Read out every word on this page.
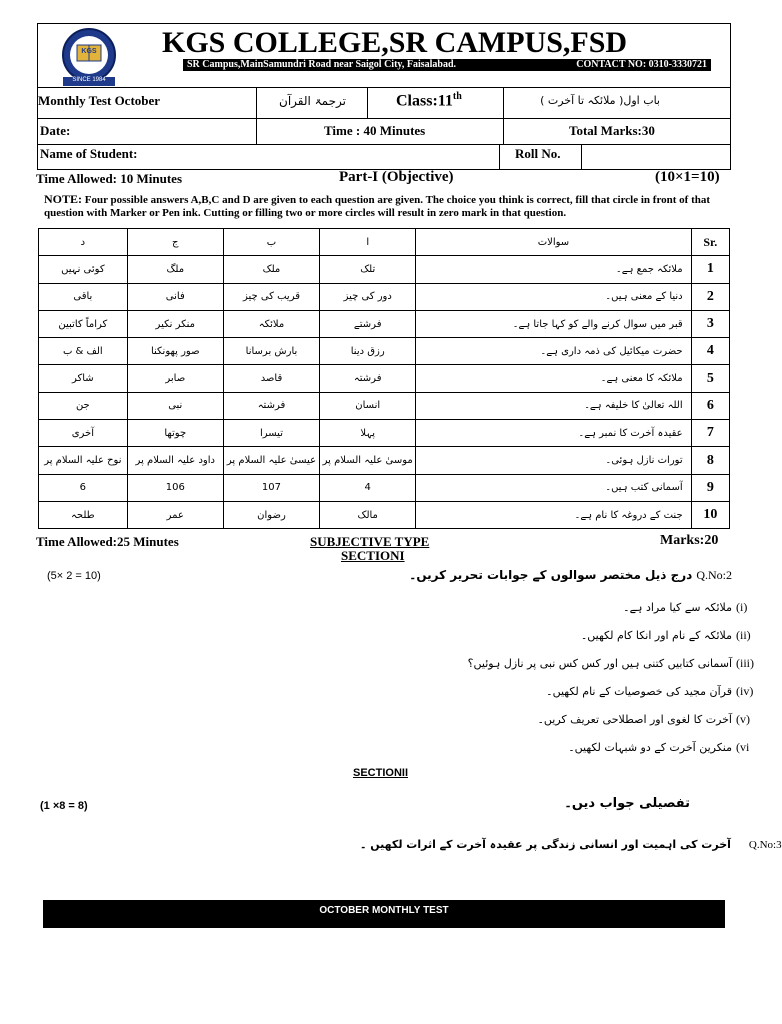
SINCE 1984
KGS KGS COLLEGE,SR CAMPUS,FSD
SR Campus,MainSamundri Road near Saigol City, Faisalabad.	CONTACT NO: 0310-3330721
Monthly Test October	ترجمۃ القرآن	Class:11th	باب اول( ملائکہ تا آخرت )
Date:	Time : 40 Minutes	Total Marks:30
Name of Student:	Roll No.
Time Allowed: 10 Minutes	Part-I (Objective)	(10×1=10)
NOTE: Four possible answers A,B,C and D are given to each question are given. The choice you think is correct, fill that circle in front of that question with Marker or Pen ink. Cutting or filling two or more circles will result in zero mark in that question.
د	ج	ب	ا	سوالات	Sr.
کوئی نہیں	ملگ	ملک	تلک	ملائکہ جمع ہے۔	1
باقی	فانی	قریب کی چیز	دور کی چیز	دنیا کے معنی ہیں۔	2
کراماً کاتبین	منکر نکیر	ملائکہ	فرشتے	قبر میں سوال کرنے والے کو کہا جاتا ہے۔	3
الف & ب	صور پھونکنا	بارش برسانا	رزق دینا	حضرت میکائیل کی ذمہ داری ہے۔	4
شاکر	صابر	قاصد	فرشتہ	ملائکہ کا معنی ہے۔	5
جن	نبی	فرشتہ	انسان	اللہ تعالیٰ کا خلیفہ ہے۔	6
آخری	چوتھا	تیسرا	پہلا	عقیدہ آخرت کا نمبر ہے۔	7
نوح علیہ السلام پر	داود علیہ السلام پر	عیسیٰ علیہ السلام پر	موسیٰ علیہ السلام پر	تورات نازل ہوئی۔	8
6	106	107	4	آسمانی کتب ہیں۔	9
طلحہ	عمر	رضوان	مالک	جنت کے دروغہ کا نام ہے۔	10
Time Allowed:25 Minutes	SUBJECTIVE TYPE
SECTIONI
Marks:20
(5× 2 = 10)	درج ذیل مختصر سوالوں کے جوابات تحریر کریں۔ Q.No:2
ملائکہ سے کیا مراد ہے۔ (i)
ملائکہ کے نام اور انکا کام لکھیں۔ (ii)
آسمانی کتابیں کتنی ہیں اور کس کس نبی پر نازل ہوئیں؟ (iii)
قرآن مجید کی خصوصیات کے نام لکھیں۔ (iv)
آخرت کا لغوی اور اصطلاحی تعریف کریں۔ (v)
منکرین آخرت کے دو شبہات لکھیں۔ (vi
SECTIONII
(1 ×8 = 8)	تفصیلی جواب دیں۔
آخرت کی اہمیت اور انسانی زندگی پر عقیدہ آخرت کے اثرات لکھیں ۔ Q.No:3
OCTOBER MONTHLY TEST
